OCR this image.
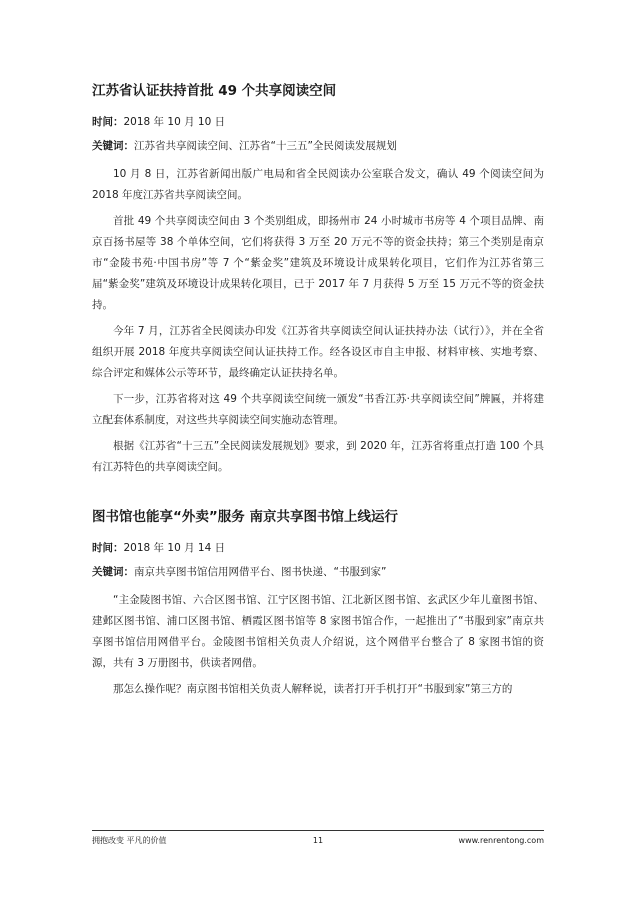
江苏省认证扶持首批 49 个共享阅读空间
时间：2018 年 10 月 10 日
关键词：江苏省共享阅读空间、江苏省“十三五”全民阅读发展规划

10 月 8 日，江苏省新闻出版广电局和省全民阅读办公室联合发文，确认 49 个阅读空间为 2018 年度江苏省共享阅读空间。

首批 49 个共享阅读空间由 3 个类别组成，即扬州市 24 小时城市书房等 4 个项目品牌、南京百扬书屋等 38 个单体空间，它们将获得 3 万至 20 万元不等的资金扶持；第三个类别是南京市“金陵书苑·中国书房”等 7 个“紫金奖”建筑及环境设计成果转化项目，它们作为江苏省第三届“紫金奖”建筑及环境设计成果转化项目，已于 2017 年 7 月获得 5 万至 15 万元不等的资金扶持。

今年 7 月，江苏省全民阅读办印发《江苏省共享阅读空间认证扶持办法（试行）》，并在全省组织开展 2018 年度共享阅读空间认证扶持工作。经各设区市自主申报、材料审核、实地考察、综合评定和媒体公示等环节，最终确定认证扶持名单。

下一步，江苏省将对这 49 个共享阅读空间统一颁发“书香江苏·共享阅读空间”牌匾，并将建立配套体系制度，对这些共享阅读空间实施动态管理。

根据《江苏省“十三五”全民阅读发展规划》要求，到 2020 年，江苏省将重点打造 100 个具有江苏特色的共享阅读空间。

图书馆也能享“外卖”服务 南京共享图书馆上线运行
时间：2018 年 10 月 14 日
关键词：南京共享图书馆信用网借平台、图书快递、“书服到家”

“主金陵图书馆、六合区图书馆、江宁区图书馆、江北新区图书馆、玄武区少年儿童图书馆、建邺区图书馆、浦口区图书馆、栖霞区图书馆等 8 家图书馆合作，一起推出了“书服到家”南京共享图书馆信用网借平台。金陵图书馆相关负责人介绍说，这个网借平台整合了 8 家图书馆的资源，共有 3 万册图书，供读者网借。

那怎么操作呢？南京图书馆相关负责人解释说，读者打开手机打开“书服到家”第三方的

拥抱改变 平凡的价值	11	www.renrentong.com
